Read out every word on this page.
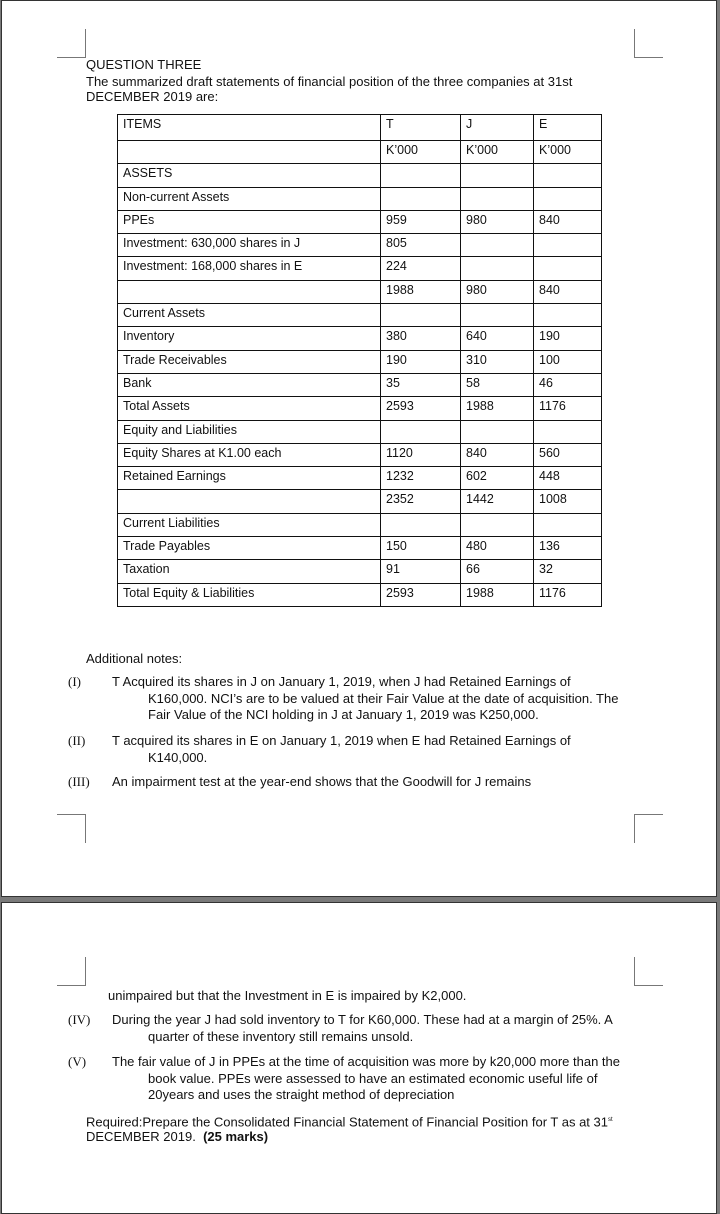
QUESTION THREE
The summarized draft statements of financial position of the three companies at 31st DECEMBER 2019 are:
ITEMS	T	J	E
	K’000	K’000	K’000
ASSETS			
Non-current Assets			
PPEs	959	980	840
Investment: 630,000 shares in J	805		
Investment: 168,000 shares in E	224		
	1988	980	840
Current Assets			
Inventory	380	640	190
Trade Receivables	190	310	100
Bank	35	58	46
Total Assets	2593	1988	1176
Equity and Liabilities			
Equity Shares at K1.00 each	1120	840	560
Retained Earnings	1232	602	448
	2352	1442	1008
Current Liabilities			
Trade Payables	150	480	136
Taxation	91	66	32
Total Equity & Liabilities	2593	1988	1176
Additional notes:
(I) T Acquired its shares in J on January 1, 2019, when J had Retained Earnings of K160,000. NCI’s are to be valued at their Fair Value at the date of acquisition. The Fair Value of the NCI holding in J at January 1, 2019 was K250,000.
(II) T acquired its shares in E on January 1, 2019 when E had Retained Earnings of K140,000.
(III) An impairment test at the year-end shows that the Goodwill for J remains
unimpaired but that the Investment in E is impaired by K2,000.
(IV) During the year J had sold inventory to T for K60,000. These had at a margin of 25%. A quarter of these inventory still remains unsold.
(V) The fair value of J in PPEs at the time of acquisition was more by k20,000 more than the book value. PPEs were assessed to have an estimated economic useful life of 20years and uses the straight method of depreciation
Required:Prepare the Consolidated Financial Statement of Financial Position for T as at 31st DECEMBER 2019. (25 marks)
